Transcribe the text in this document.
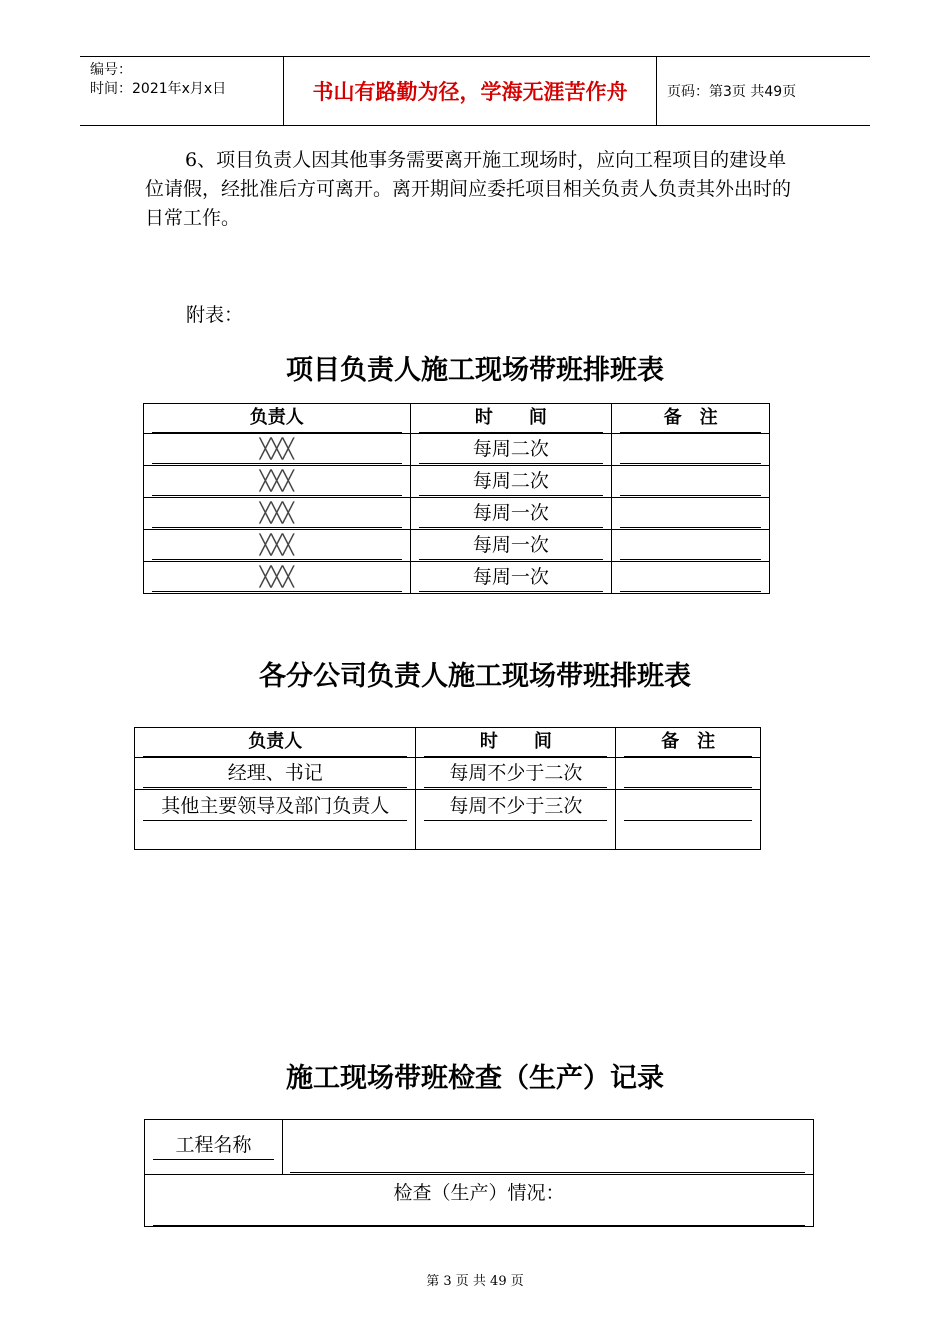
编号：
时间：2021年x月x日	书山有路勤为径，学海无涯苦作舟	页码：第3页 共49页

6、项目负责人因其他事务需要离开施工现场时，应向工程项目的建设单位请假，经批准后方可离开。离开期间应委托项目相关负责人负责其外出时的日常工作。

附表：
项目负责人施工现场带班排班表
负责人	时　　间	备　注

╳╳╳	每周二次	

╳╳╳	每周二次	

╳╳╳	每周一次	

╳╳╳	每周一次	

╳╳╳	每周一次	

各分公司负责人施工现场带班排班表
负责人	时　　间	备　注

经理、书记	每周不少于二次	

其他主要领导及部门负责人	每周不少于三次	

施工现场带班检查（生产）记录
工程名称
检查（生产）情况：
第 3 页 共 49 页
